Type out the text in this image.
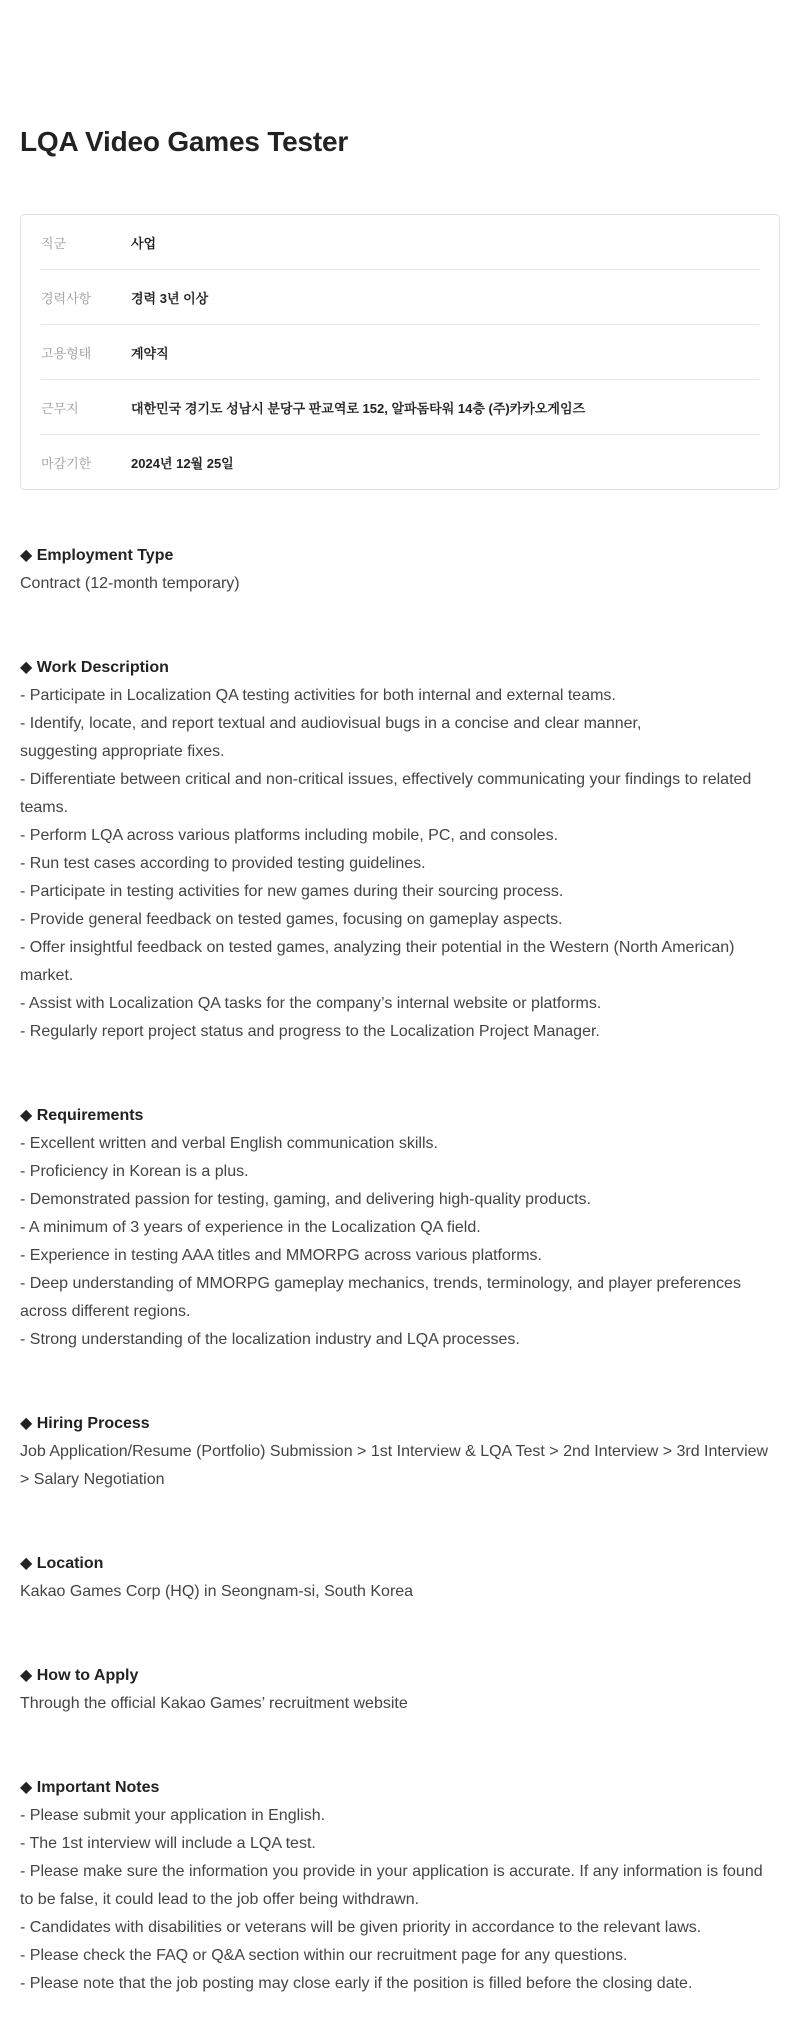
LQA Video Games Tester
직군	사업
경력사항	경력 3년 이상
고용형태	계약직
근무지	대한민국 경기도 성남시 분당구 판교역로 152, 알파돔타워 14층 (주)카카오게임즈
마감기한	2024년 12월 25일

◆ Employment Type

Contract (12-month temporary)

◆ Work Description

- Participate in Localization QA testing activities for both internal and external teams.

- Identify, locate, and report textual and audiovisual bugs in a concise and clear manner,

suggesting appropriate fixes.

- Differentiate between critical and non-critical issues, effectively communicating your findings to related

teams.

- Perform LQA across various platforms including mobile, PC, and consoles.

- Run test cases according to provided testing guidelines.

- Participate in testing activities for new games during their sourcing process.

- Provide general feedback on tested games, focusing on gameplay aspects.

- Offer insightful feedback on tested games, analyzing their potential in the Western (North American)

market.

- Assist with Localization QA tasks for the company’s internal website or platforms.

- Regularly report project status and progress to the Localization Project Manager.

◆ Requirements

- Excellent written and verbal English communication skills.

- Proficiency in Korean is a plus.

- Demonstrated passion for testing, gaming, and delivering high-quality products.

- A minimum of 3 years of experience in the Localization QA field.

- Experience in testing AAA titles and MMORPG across various platforms.

- Deep understanding of MMORPG gameplay mechanics, trends, terminology, and player preferences

across different regions.

- Strong understanding of the localization industry and LQA processes.

◆ Hiring Process

Job Application/Resume (Portfolio) Submission > 1st Interview & LQA Test > 2nd Interview > 3rd Interview

> Salary Negotiation

◆ Location

Kakao Games Corp (HQ) in Seongnam-si, South Korea

◆ How to Apply

Through the official Kakao Games’ recruitment website

◆ Important Notes

- Please submit your application in English.

- The 1st interview will include a LQA test.

- Please make sure the information you provide in your application is accurate. If any information is found

to be false, it could lead to the job offer being withdrawn.

- Candidates with disabilities or veterans will be given priority in accordance to the relevant laws.

- Please check the FAQ or Q&A section within our recruitment page for any questions.

- Please note that the job posting may close early if the position is filled before the closing date.
